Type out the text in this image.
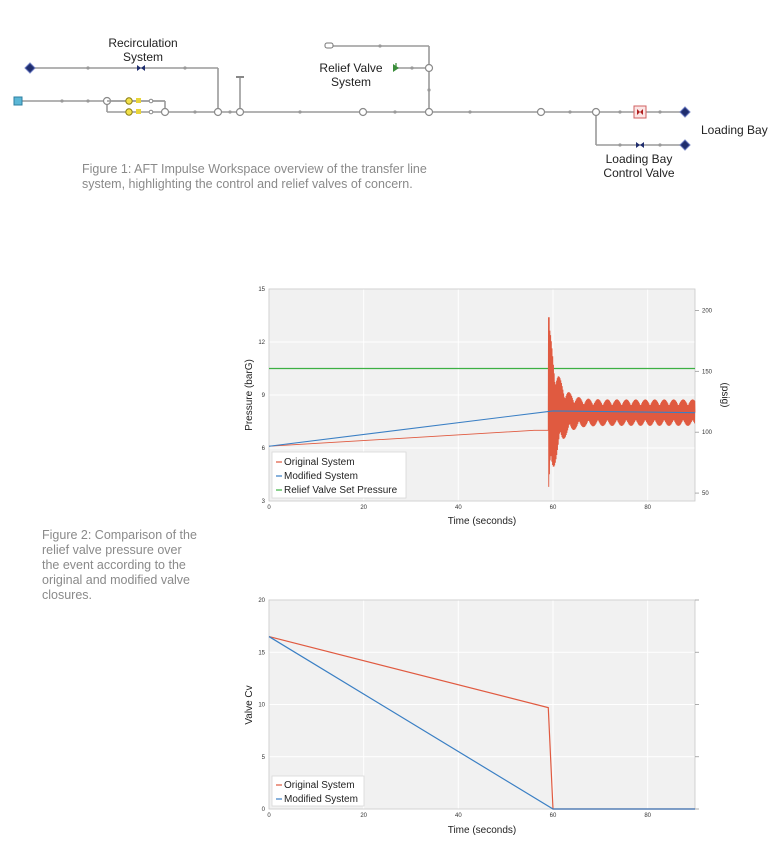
Recirculation
System
Relief Valve
System
Loading Bay
Loading Bay
Control Valve
Figure 1: AFT Impulse Workspace overview of the transfer line
system, highlighting the control and relief valves of concern.
Figure 2: Comparison of the
relief valve pressure over
the event according to the
original and modified valve
closures.
0	20	40	60	80
3
6
9
12
15
50
100
150
200
Original System
Modified System
Relief Valve Set Pressure
Time (seconds)
Pressure (barG)	(psig)
0	20	40	60	80
0
5
10
15
20
Original System
Modified System
Time (seconds)
Valve Cv
